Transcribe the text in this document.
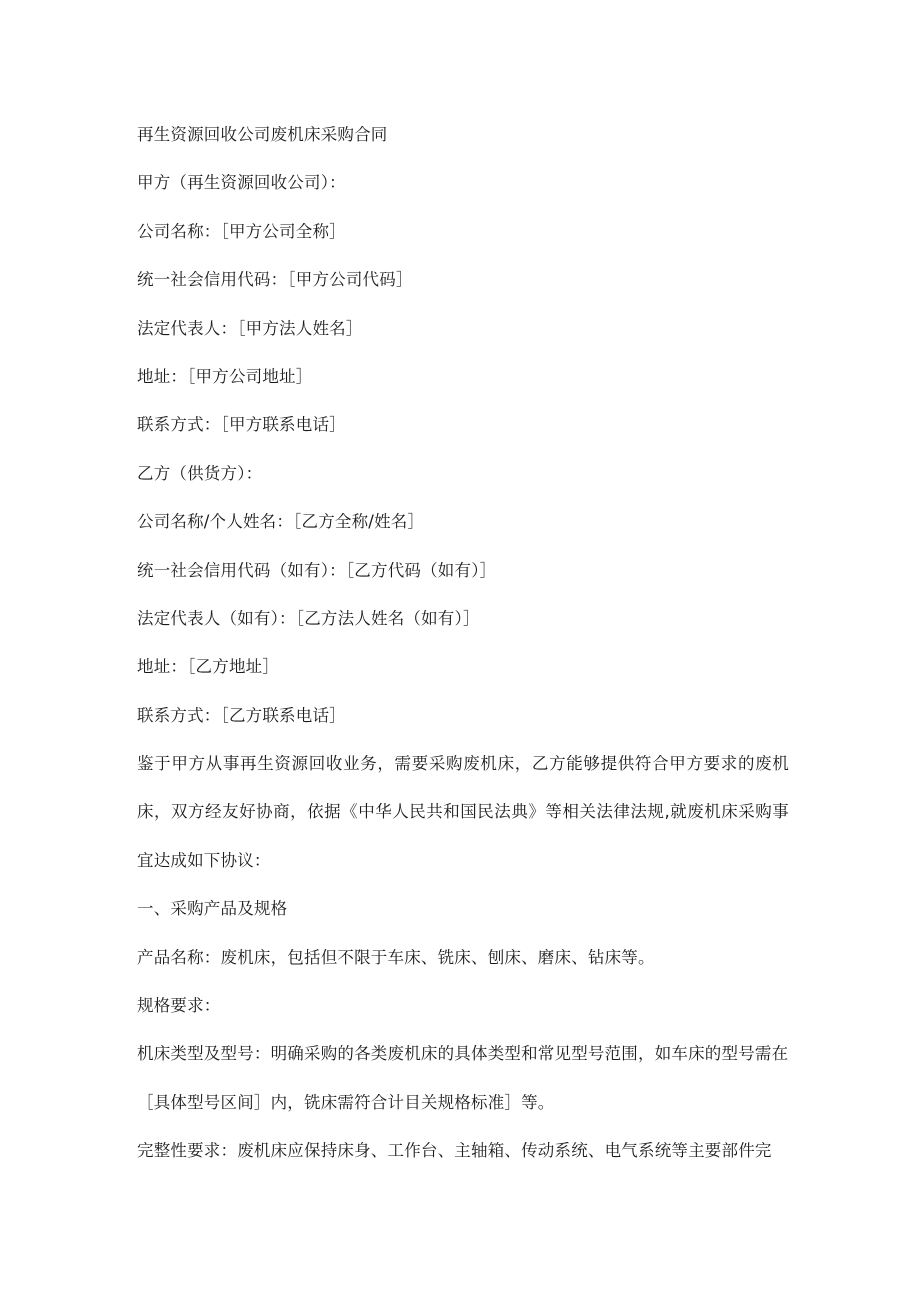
再生资源回收公司废机床采购合同
甲方（再生资源回收公司）：
公司名称：［甲方公司全称］
统一社会信用代码：［甲方公司代码］
法定代表人：［甲方法人姓名］
地址：［甲方公司地址］
联系方式：［甲方联系电话］
乙方（供货方）：
公司名称/个人姓名：［乙方全称/姓名］
统一社会信用代码（如有）：［乙方代码（如有）］
法定代表人（如有）：［乙方法人姓名（如有）］
地址：［乙方地址］
联系方式：［乙方联系电话］
鉴于甲方从事再生资源回收业务，需要采购废机床，乙方能够提供符合甲方要求的废机床，双方经友好协商，依据《中华人民共和国民法典》等相关法律法规,就废机床采购事宜达成如下协议：
一、采购产品及规格
产品名称：废机床，包括但不限于车床、铣床、刨床、磨床、钻床等。
规格要求：
机床类型及型号：明确采购的各类废机床的具体类型和常见型号范围，如车床的型号需在［具体型号区间］内，铣床需符合计目关规格标准］等。
完整性要求：废机床应保持床身、工作台、主轴箱、传动系统、电气系统等主要部件完
